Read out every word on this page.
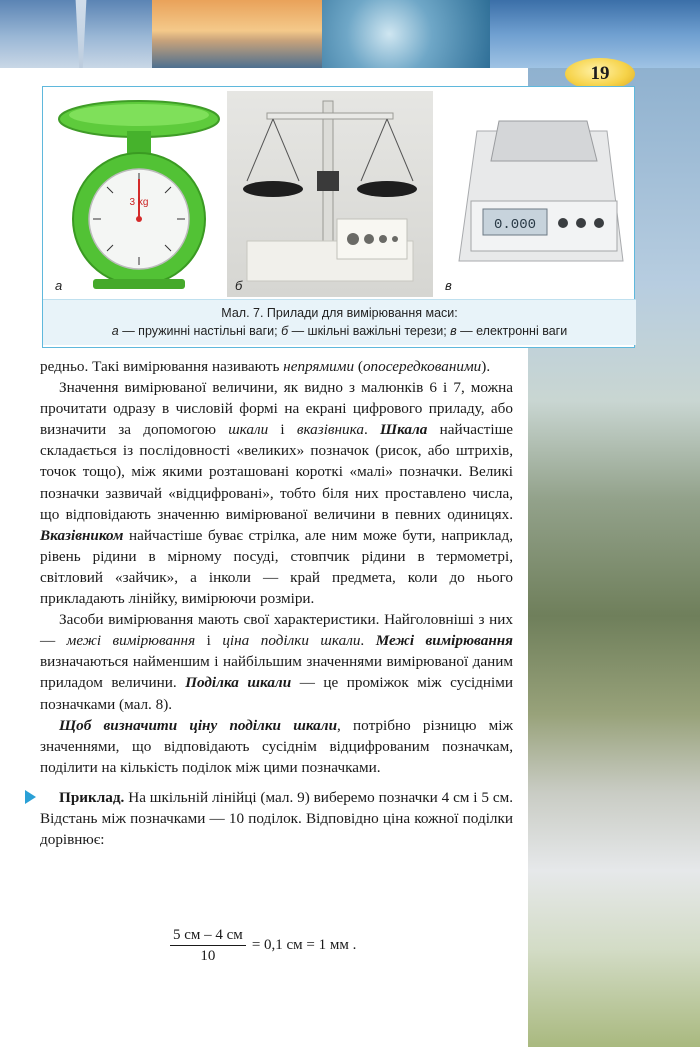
19
3 kg
а	б
0.000
в
Мал. 7. Прилади для вимірювання маси:
а — пружинні настільні ваги; б — шкільні важільні терези; в — електронні ваги

редньо. Такі вимірювання називають непрямими (опосередкованими).

Значення вимірюваної величини, як видно з малюнків 6 і 7, можна прочитати одразу в числовій формі на екрані цифрового приладу, або визначити за допомогою шкали і вказівника. Шкала найчастіше складається із послідовності «великих» позначок (рисок, або штрихів, точок тощо), між якими розташовані короткі «малі» позначки. Великі позначки зазвичай «відцифровані», тобто біля них проставлено числа, що відповідають значенню вимірюваної величини в певних одиницях. Вказівником найчастіше буває стрілка, але ним може бути, наприклад, рівень рідини в мірному посуді, стовпчик рідини в термометрі, світловий «зайчик», а інколи — край предмета, коли до нього прикладають лінійку, вимірюючи розміри.

Засоби вимірювання мають свої характеристики. Найголовніші з них — межі вимірювання і ціна поділки шкали. Межі вимірювання визначаються найменшим і найбільшим значеннями вимірюваної даним приладом величини. Поділка шкали — це проміжок між сусідніми позначками (мал. 8).

Щоб визначити ціну поділки шкали, потрібно різницю між значеннями, що відповідають сусіднім відцифрованим позначкам, поділити на кількість поділок між цими позначками.

Приклад. На шкільній лінійці (мал. 9) виберемо позначки 4 см і 5 см. Відстань між позначками — 10 поділок. Відповідно ціна кожної поділки дорівнює:

$\frac{5 см - 4 см}{10} = 0,1$ см = 1 мм .
